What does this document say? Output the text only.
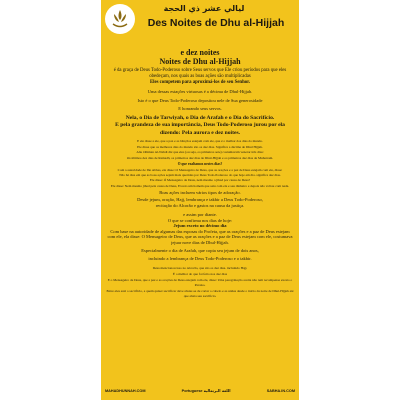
ليالي عشر ذي الحجة
Des Noites de Dhu al-Hijjah

e dez noites

Noites de Dhu al-Hijjah

é da graça de Deus Todo-Poderoso sobre Seus servos que Ele criou períodos para que eles obedeçam, nos quais as boas ações são multiplicadas

Eles competem para aproximá-los de seu Senhor.

Uma dessas estações virtuosas é a décima de Dhul-Hijjah.

Isto é o que Deus Todo-Poderoso depositou nele de Sua generosidade

E honrando seus servos.

Nela, o Dia de Tarwiyah, o Dia de Arafah e o Dia do Sacrifício.

E pela grandeza de sua importância, Deus Todo-Poderoso jurou por ela dizendo: Pela aurora e dez noites.

E ele disse a ele, que a paz e as bênçãos estejam com ele, que é o melhor dos dias do mundo.

Ele disse que os melhores dias do mundo são os dez dias. Significa a décima de Dhul Hijjah.

Abu Othman Al-Nahdi diz que eles (ou seja, os primeiros sete) costumavam venerar três dias:

Os últimos dez dias de Ramadã, os primeiros dez dias de Dhul-Hijjah e os primeiros dez dias de Muharram.

O que exaltamos nestes dias?

Com a autoridade de Ibn Abbas, ele disse: O Mensageiro de Deus, que as orações e a paz de Deus estejam com ele, disse:

Não há dias em que as boas ações sejam mais queridas por Deus Todo-Poderoso do que hoje em dia. significa dez dias.

Ele disse: Ó Mensageiro de Deus, nem mesmo a jihad por causa de Deus?

Ele disse: Nem mesmo jihad pela causa de Deus, Exceto um homem que saiu com ele e seu dinheiro e depois não voltou com nada.

Boas ações incluem vários tipos de adoração.

Desde jejum, oração, Hajj, lembrança e takbir a Deus Todo-Poderoso,

recitação do Alcorão e gastos na causa da justiça.

e assim por diante.

O que se confirma nos dias de hoje:

Jejum exceto no décimo dia

Com base na autoridade de algumas das esposas do Profeta, que as orações e a paz de Deus estejam com ele, ela disse: O Mensageiro de Deus, que as orações e a paz de Deus estejam com ele, costumava jejuar nove dias de Dhul-Hijjah.

Especialmente o dia de Arafah, que copia seu jejum de dois anos,

incluindo a lembrança de Deus Todo-Poderoso e o takbir.

Deus mencionou isso no Alcorão, que são os dez dias. incluindo Hajj.

É o melhor do que foi feito nos dez dias

E o Mensageiro de Deus, que a paz e as orações de Deus estejam com ele, disse: Uma peregrinação aceita não tem recompensa exceto o Paraíso.

Entre eles está o sacrifício, e quem quiser sacrificar deve abster-se de cortar o cabelo e as unhas desde o início da noite de Dhul-Hijjah até que abata seu sacrifício.

MAHADHUNNAH.COM	Portuguese اللغة البرتغالية	SABHA.IN.COM
